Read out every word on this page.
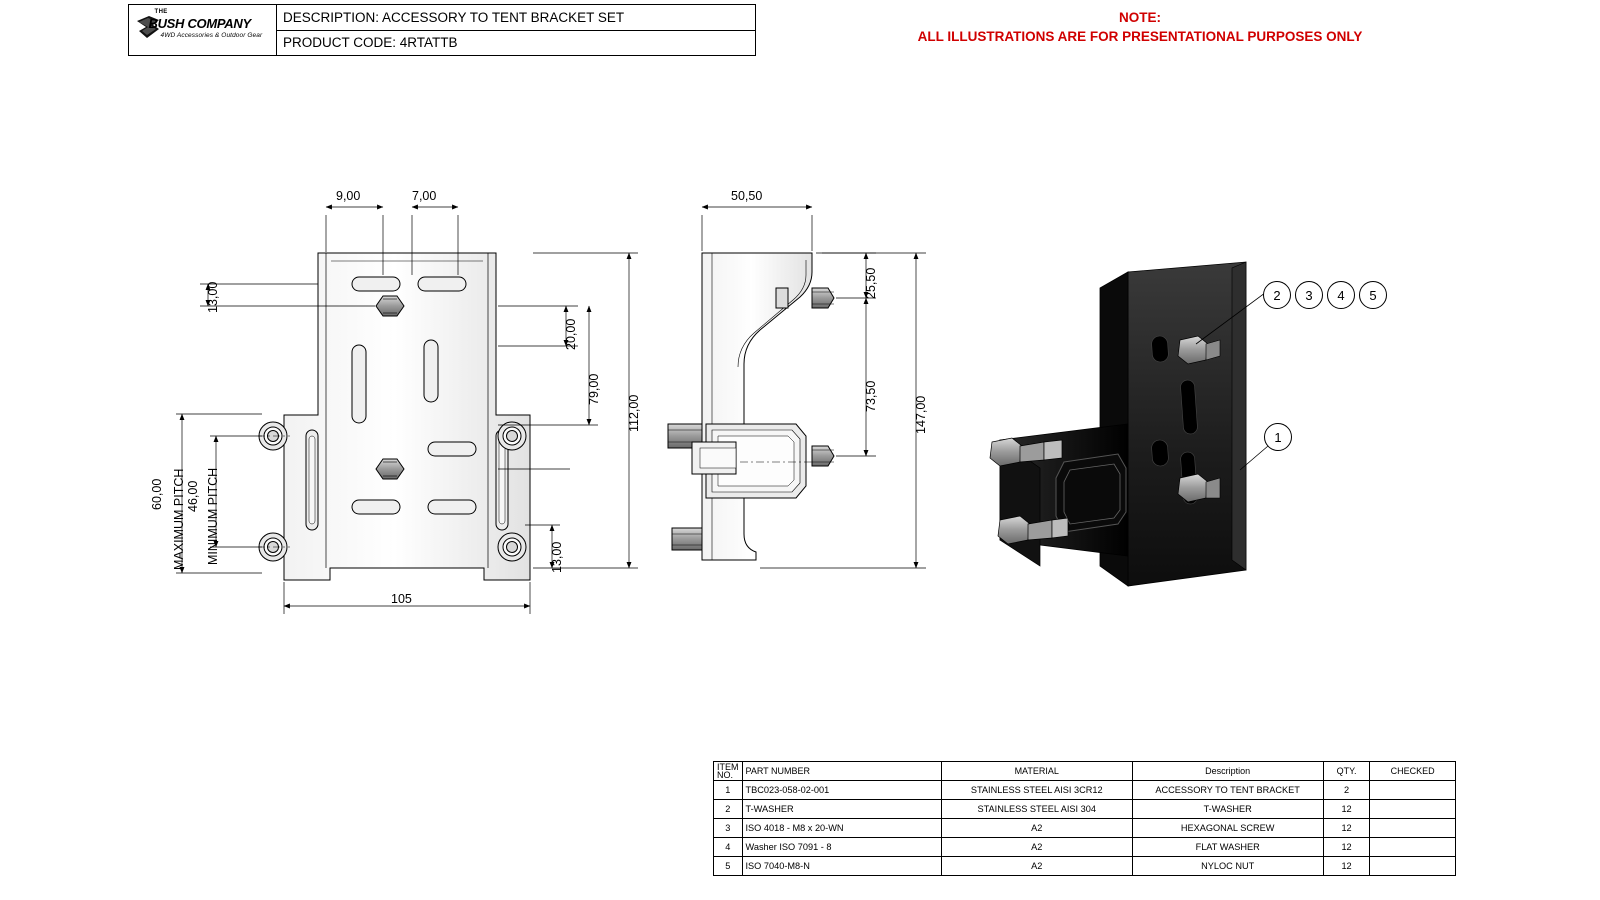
THE
BUSH COMPANY
4WD Accessories & Outdoor Gear
DESCRIPTION: ACCESSORY TO TENT BRACKET SET
PRODUCT CODE: 4RTATTB
NOTE:
ALL ILLUSTRATIONS ARE FOR PRESENTATIONAL PURPOSES ONLY
9,00	7,00
13,00
20,00
79,00
112,00
60,00 MAXIMUM PITCH 46,00 MINIMUM PITCH	13,00
105
50,50
25,50
73,50	147,00
2	3	4	5
1
ITEM
NO.	PART NUMBER	MATERIAL	Description	QTY.	CHECKED
1	TBC023-058-02-001	STAINLESS STEEL AISI 3CR12	ACCESSORY TO TENT BRACKET	2	
2	T-WASHER	STAINLESS STEEL AISI 304	T-WASHER	12	
3	ISO 4018 - M8 x 20-WN	A2	HEXAGONAL SCREW	12	
4	Washer ISO 7091 - 8	A2	FLAT WASHER	12	
5	ISO 7040-M8-N	A2	NYLOC NUT	12	
